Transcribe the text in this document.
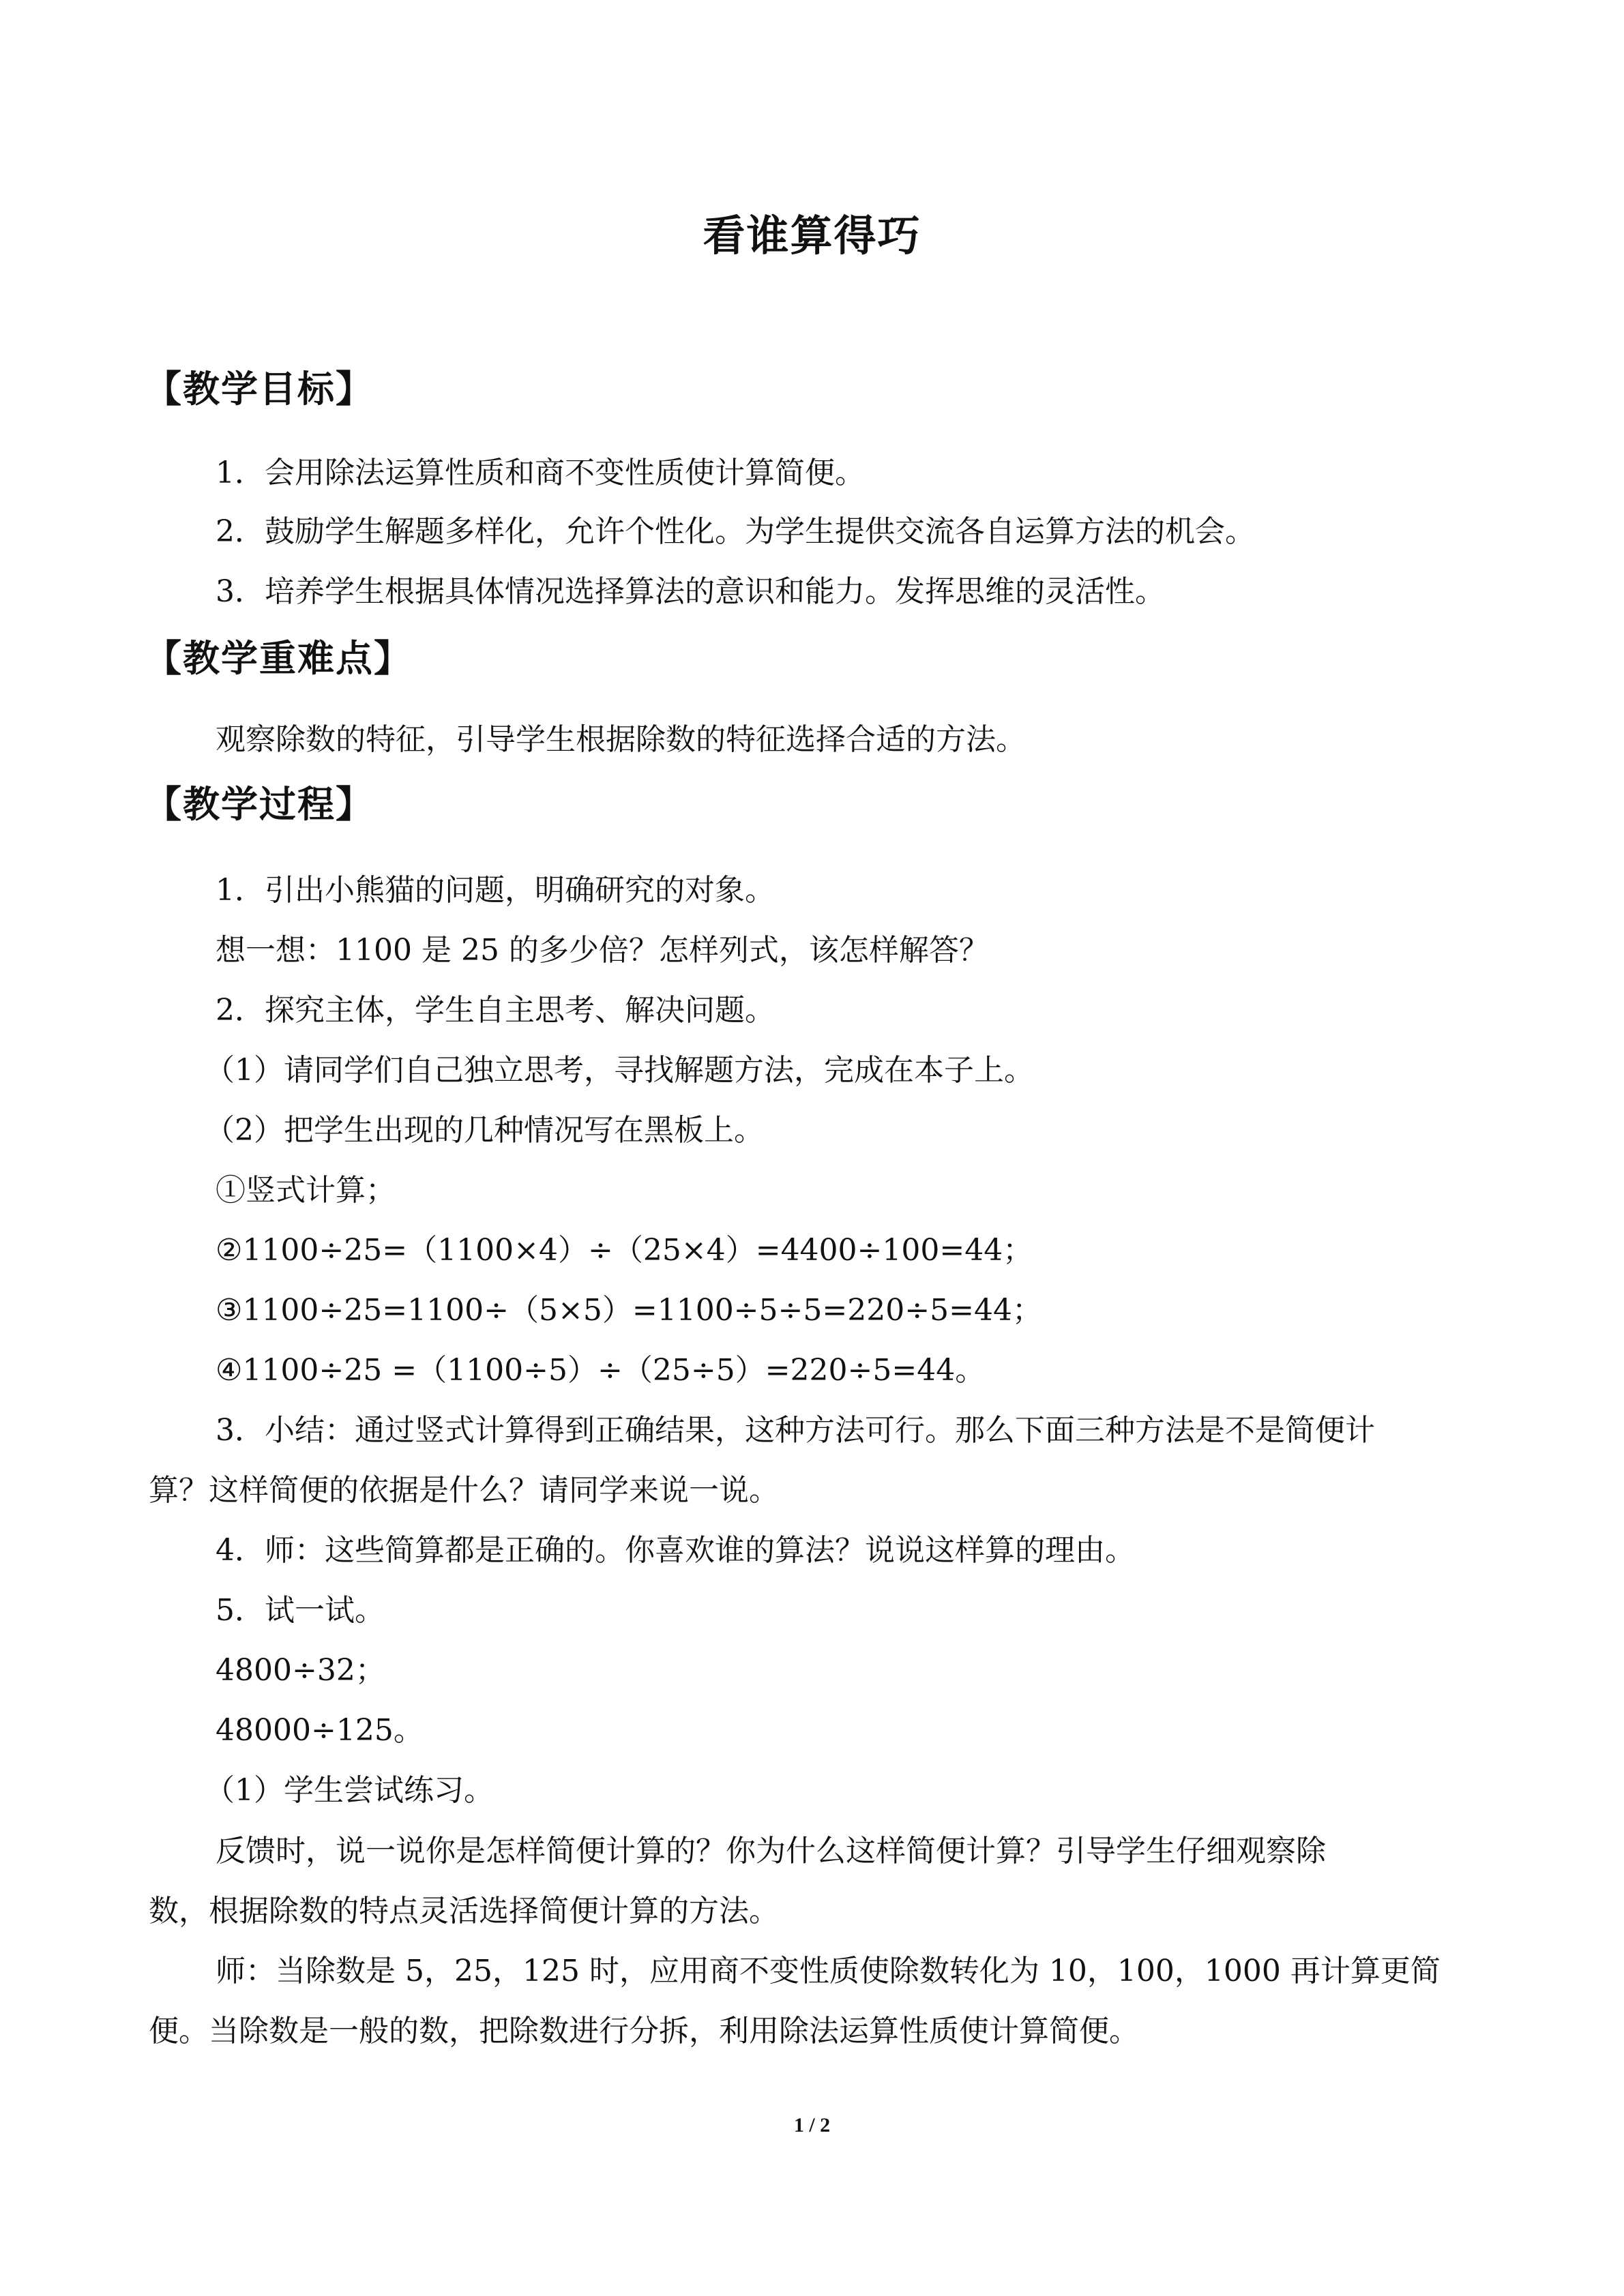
看谁算得巧
【教学目标】
1．会用除法运算性质和商不变性质使计算简便。
2．鼓励学生解题多样化，允许个性化。为学生提供交流各自运算方法的机会。
3．培养学生根据具体情况选择算法的意识和能力。发挥思维的灵活性。
【教学重难点】
观察除数的特征，引导学生根据除数的特征选择合适的方法。
【教学过程】
1．引出小熊猫的问题，明确研究的对象。
想一想：1100 是 25 的多少倍？怎样列式，该怎样解答？
2．探究主体，学生自主思考、解决问题。
（1）请同学们自己独立思考，寻找解题方法，完成在本子上。
（2）把学生出现的几种情况写在黑板上。
①竖式计算；
②1100÷25=（1100×4）÷（25×4）=4400÷100=44；
③1100÷25=1100÷（5×5）=1100÷5÷5=220÷5=44；
④1100÷25 =（1100÷5）÷（25÷5）=220÷5=44。
3．小结：通过竖式计算得到正确结果，这种方法可行。那么下面三种方法是不是简便计
算？这样简便的依据是什么？请同学来说一说。
4．师：这些简算都是正确的。你喜欢谁的算法？说说这样算的理由。
5．试一试。
4800÷32；
48000÷125。
（1）学生尝试练习。
反馈时，说一说你是怎样简便计算的？你为什么这样简便计算？引导学生仔细观察除
数，根据除数的特点灵活选择简便计算的方法。
师：当除数是 5，25，125 时，应用商不变性质使除数转化为 10，100，1000 再计算更简
便。当除数是一般的数，把除数进行分拆，利用除法运算性质使计算简便。
1 / 2
